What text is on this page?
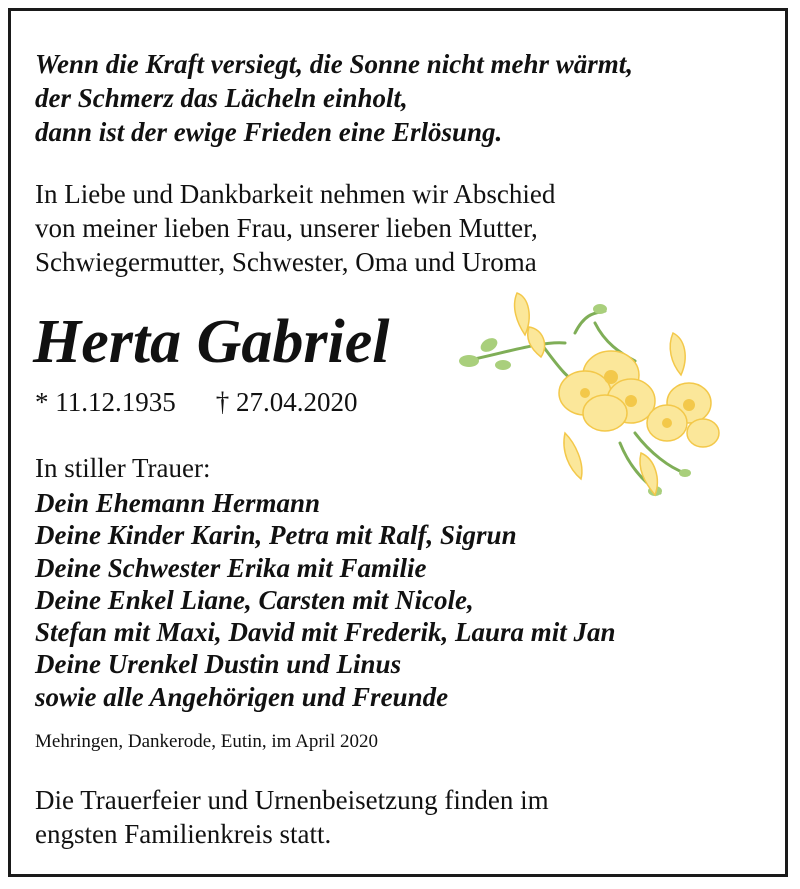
Wenn die Kraft versiegt, die Sonne nicht mehr wärmt,
der Schmerz das Lächeln einholt,
dann ist der ewige Frieden eine Erlösung.

In Liebe und Dankbarkeit nehmen wir Abschied
von meiner lieben Frau, unserer lieben Mutter,
Schwiegermutter, Schwester, Oma und Uroma

Herta Gabriel

* 11.12.1935 † 27.04.2020

In stiller Trauer:

Dein Ehemann Hermann
Deine Kinder Karin, Petra mit Ralf, Sigrun
Deine Schwester Erika mit Familie
Deine Enkel Liane, Carsten mit Nicole,
Stefan mit Maxi, David mit Frederik, Laura mit Jan
Deine Urenkel Dustin und Linus
sowie alle Angehörigen und Freunde

Mehringen, Dankerode, Eutin, im April 2020

Die Trauerfeier und Urnenbeisetzung finden im
engsten Familienkreis statt.
